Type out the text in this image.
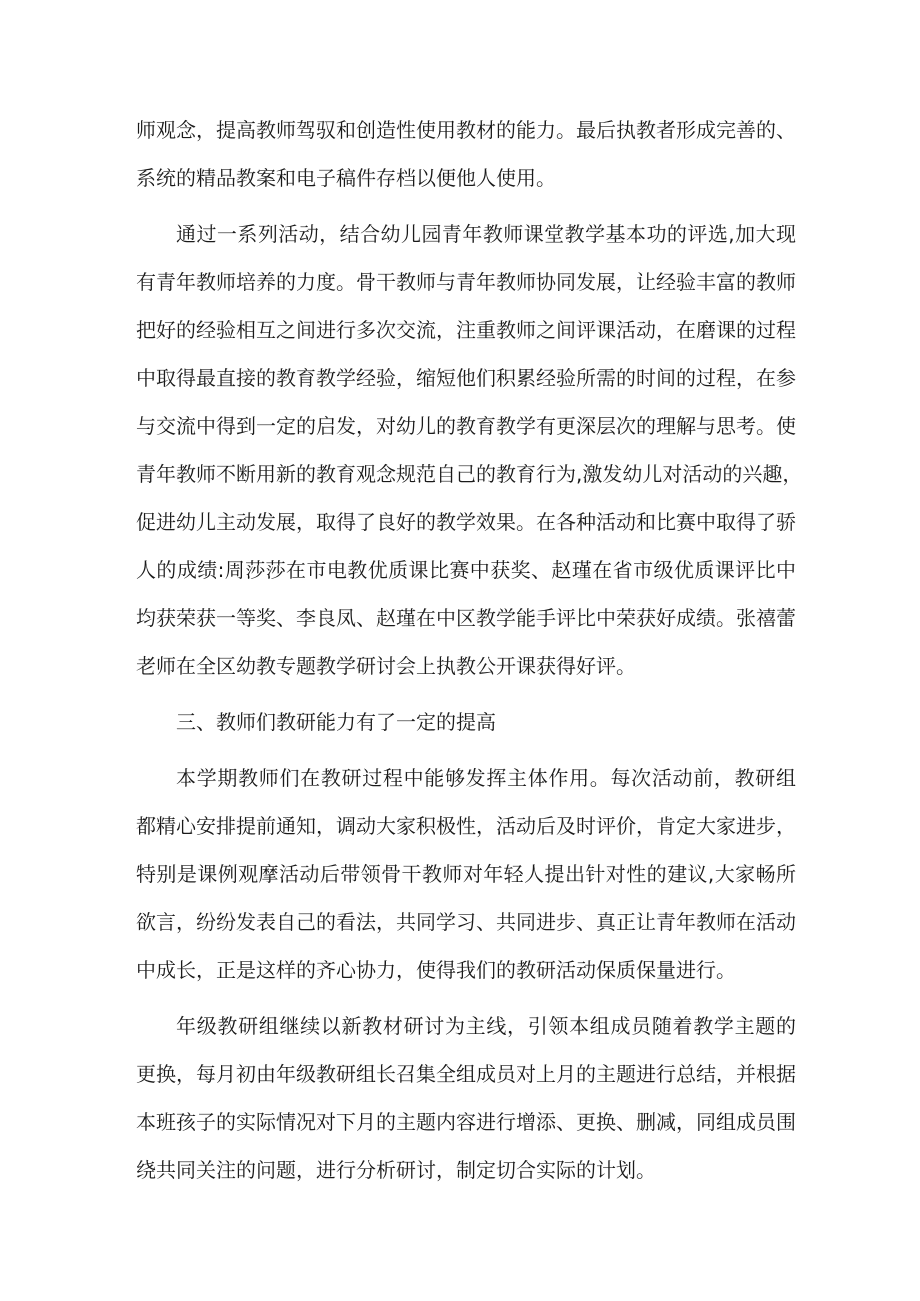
师观念，提高教师驾驭和创造性使用教材的能力。最后执教者形成完善的、
系统的精品教案和电子稿件存档以便他人使用。
通过一系列活动，结合幼儿园青年教师课堂教学基本功的评选,加大现
有青年教师培养的力度。骨干教师与青年教师协同发展，让经验丰富的教师
把好的经验相互之间进行多次交流，注重教师之间评课活动，在磨课的过程
中取得最直接的教育教学经验，缩短他们积累经验所需的时间的过程，在参
与交流中得到一定的启发，对幼儿的教育教学有更深层次的理解与思考。使
青年教师不断用新的教育观念规范自己的教育行为,激发幼儿对活动的兴趣，
促进幼儿主动发展，取得了良好的教学效果。在各种活动和比赛中取得了骄
人的成绩:周莎莎在市电教优质课比赛中获奖、赵瑾在省市级优质课评比中
均获荣获一等奖、李良凤、赵瑾在中区教学能手评比中荣获好成绩。张禧蕾
老师在全区幼教专题教学研讨会上执教公开课获得好评。
三、教师们教研能力有了一定的提高
本学期教师们在教研过程中能够发挥主体作用。每次活动前，教研组
都精心安排提前通知，调动大家积极性，活动后及时评价，肯定大家进步，
特别是课例观摩活动后带领骨干教师对年轻人提出针对性的建议,大家畅所
欲言，纷纷发表自己的看法，共同学习、共同进步、真正让青年教师在活动
中成长，正是这样的齐心协力，使得我们的教研活动保质保量进行。
年级教研组继续以新教材研讨为主线，引领本组成员随着教学主题的
更换，每月初由年级教研组长召集全组成员对上月的主题进行总结，并根据
本班孩子的实际情况对下月的主题内容进行增添、更换、删减，同组成员围
绕共同关注的问题，进行分析研讨，制定切合实际的计划。
